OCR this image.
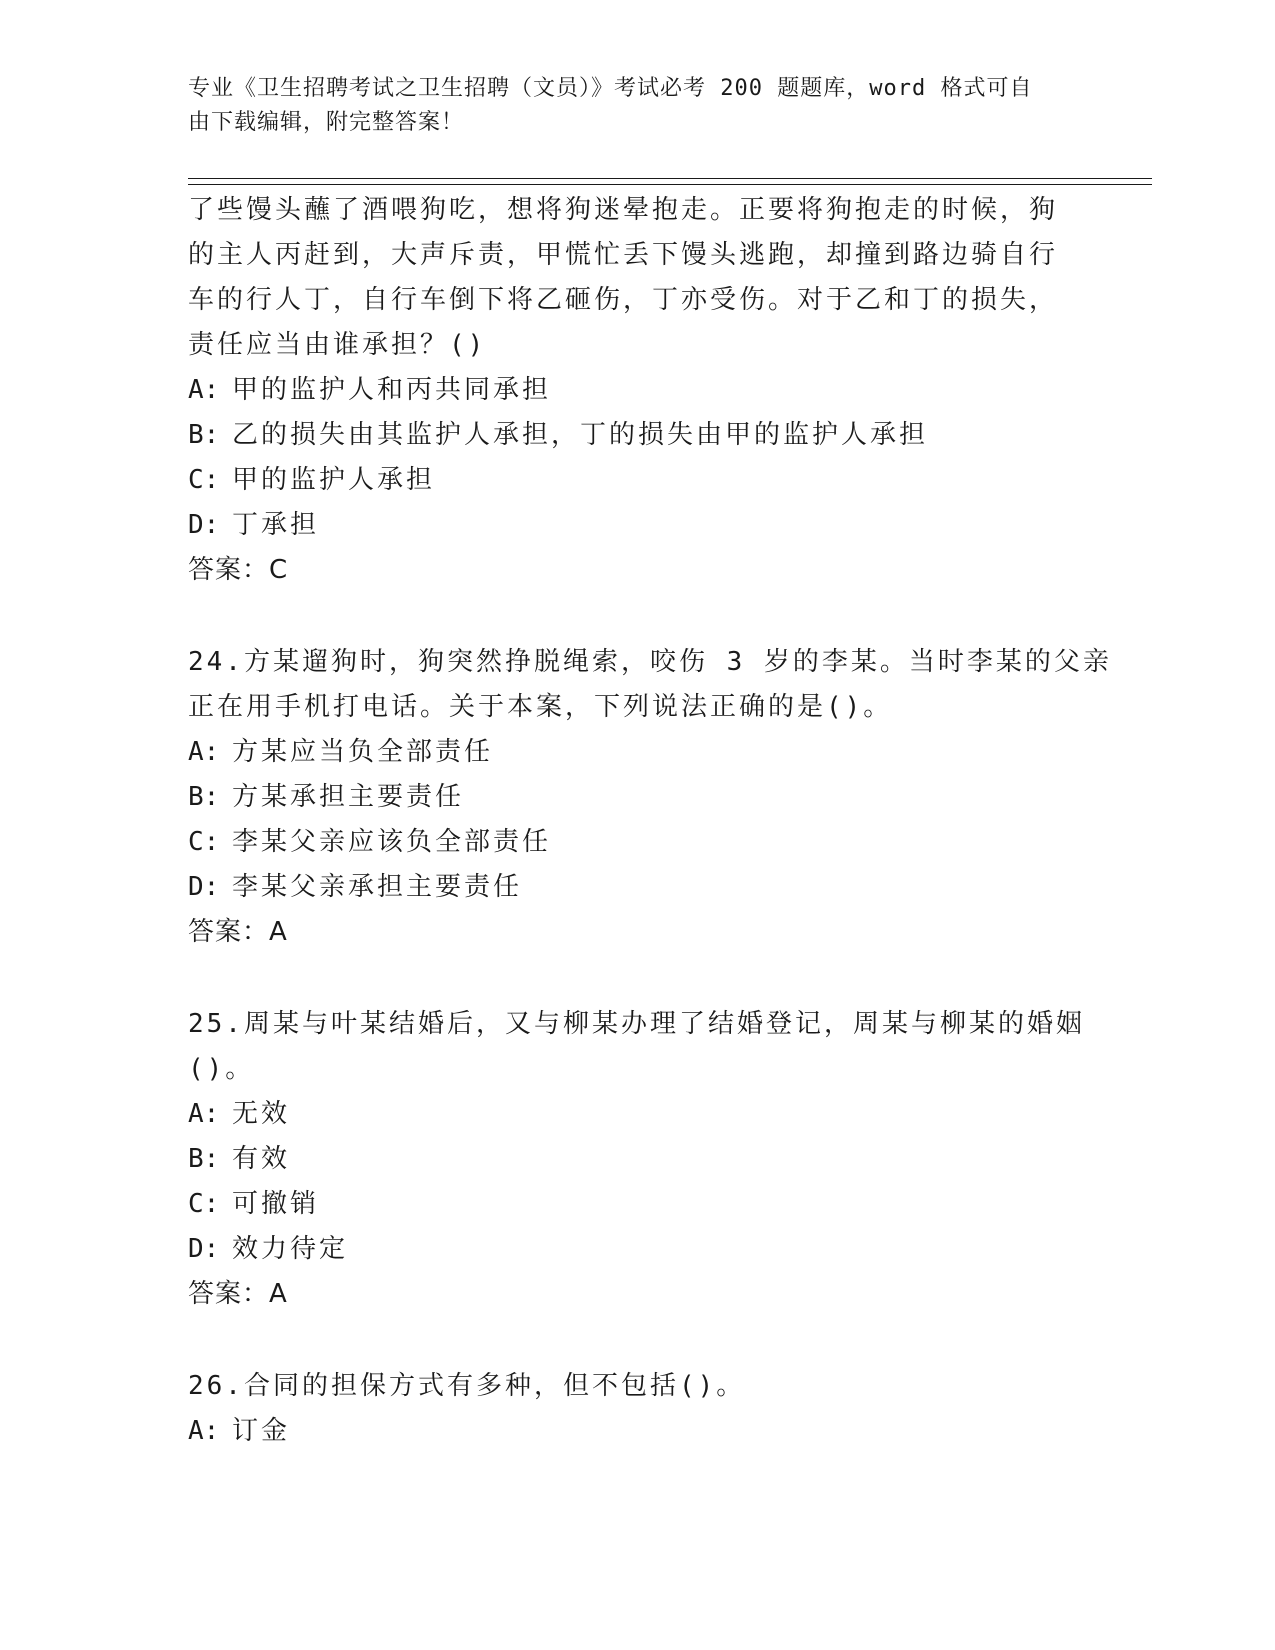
专业《卫生招聘考试之卫生招聘（文员）》考试必考 200 题题库，word 格式可自
由下载编辑，附完整答案！
了些馒头蘸了酒喂狗吃，想将狗迷晕抱走。正要将狗抱走的时候，狗
的主人丙赶到，大声斥责，甲慌忙丢下馒头逃跑，却撞到路边骑自行
车的行人丁，自行车倒下将乙砸伤，丁亦受伤。对于乙和丁的损失，
责任应当由谁承担？()
A: 甲的监护人和丙共同承担
B: 乙的损失由其监护人承担，丁的损失由甲的监护人承担
C: 甲的监护人承担
D: 丁承担
答案：C
24.方某遛狗时，狗突然挣脱绳索，咬伤 3 岁的李某。当时李某的父亲
正在用手机打电话。关于本案，下列说法正确的是()。
A: 方某应当负全部责任
B: 方某承担主要责任
C: 李某父亲应该负全部责任
D: 李某父亲承担主要责任
答案：A
25.周某与叶某结婚后，又与柳某办理了结婚登记，周某与柳某的婚姻
()。
A: 无效
B: 有效
C: 可撤销
D: 效力待定
答案：A
26.合同的担保方式有多种，但不包括()。
A: 订金
